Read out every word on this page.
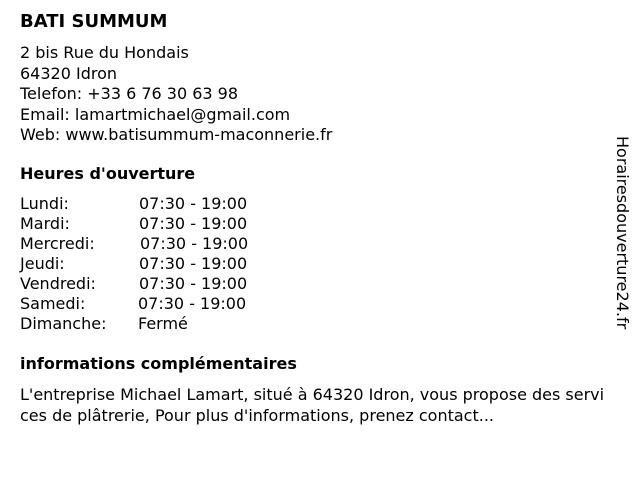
BATI SUMMUM
2 bis Rue du Hondais
64320 Idron
Telefon: +33 6 76 30 63 98
Email: lamartmichael@gmail.com
Web: www.batisummum-maconnerie.fr
Heures d'ouverture
Lundi:	07:30 - 19:00
Mardi:	07:30 - 19:00
Mercredi:	07:30 - 19:00
Jeudi:	07:30 - 19:00
Vendredi:	07:30 - 19:00
Samedi:	07:30 - 19:00
Dimanche: Fermé
informations complémentaires
L'entreprise Michael Lamart, situé à 64320 Idron, vous propose des services de plâtrerie, Pour plus d'informations, prenez contact...
Horairesdouverture24.fr
